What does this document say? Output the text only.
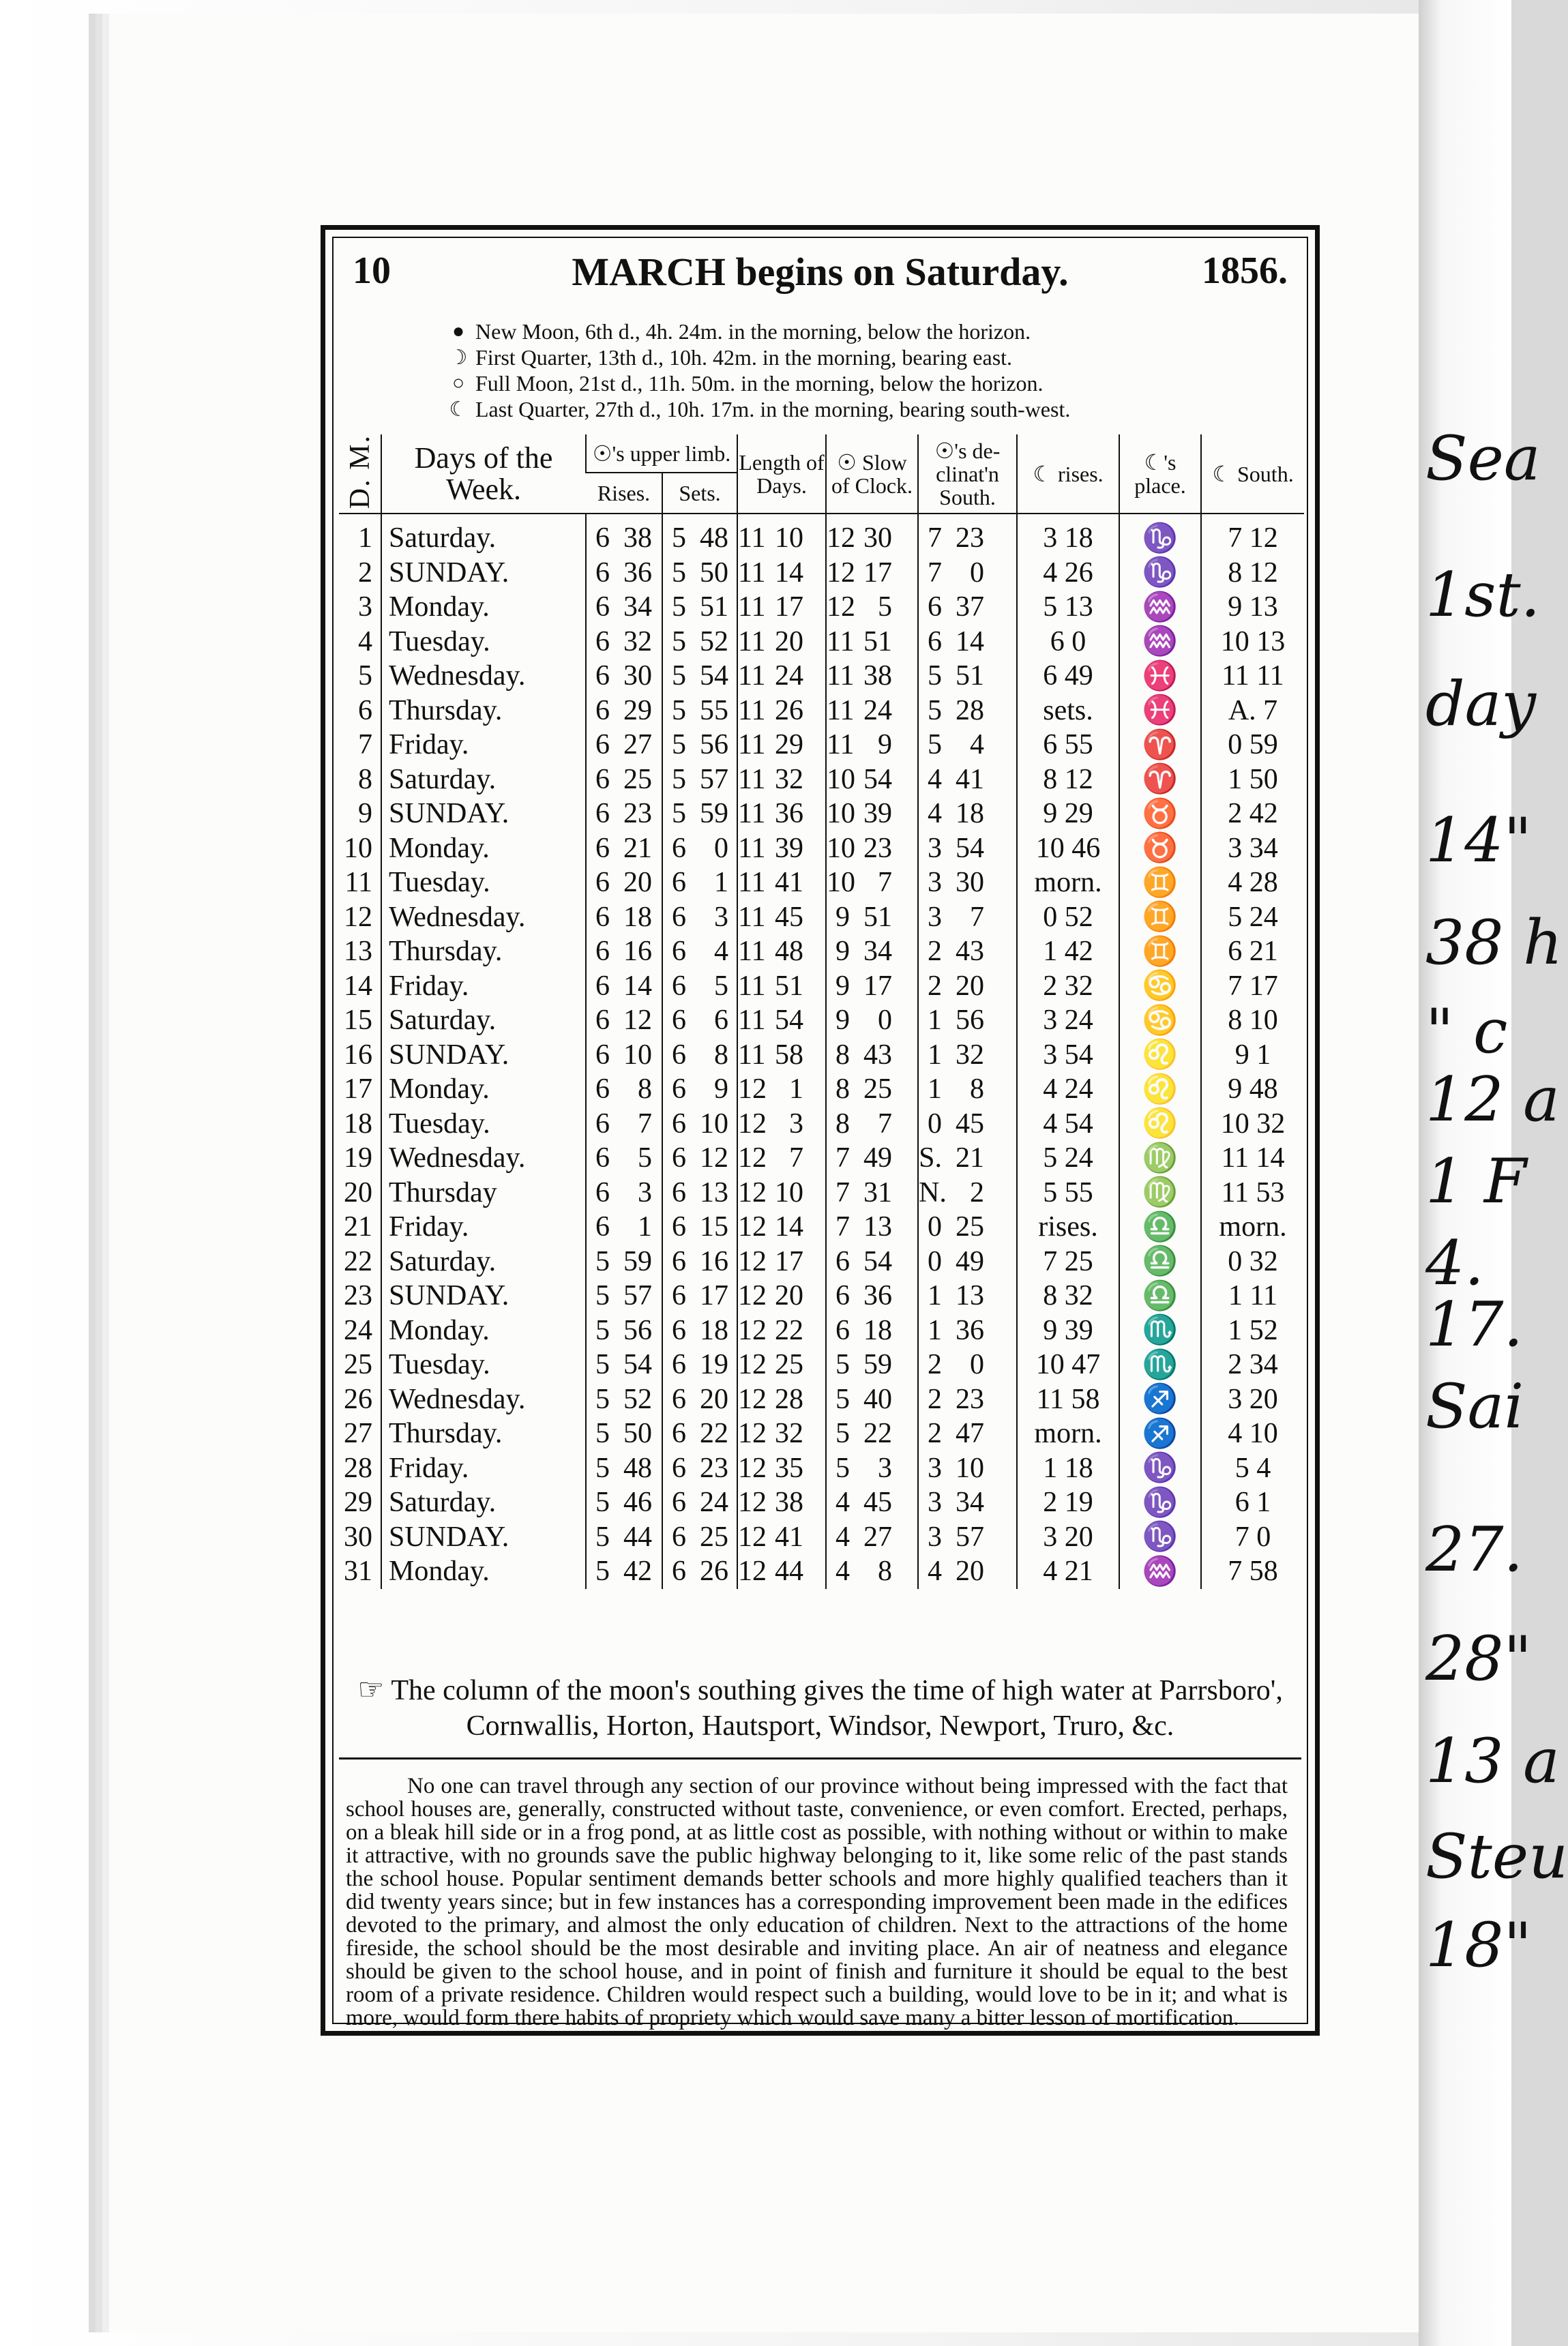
Sea
1st.
day
14"
38 h
" c
12 a
1 F
4.
17.
Sai
27.
28"
13 a
Steu
18"
10	MARCH begins on Saturday.	1856.
● New Moon, 6th d., 4h. 24m. in the morning, below the horizon.
☽ First Quarter, 13th d., 10h. 42m. in the morning, bearing east.
○ Full Moon, 21st d., 11h. 50m. in the morning, below the horizon.
☾ Last Quarter, 27th d., 10h. 17m. in the morning, bearing south-west.
D. M.	Days of the Week.	☉'s upper limb.		Length of Days.	☉ Slow of Clock.	☉'s de-clinat'n South.	☾ rises.	☾'s place.	☾ South.
		Rises.	Sets.						
1	Saturday.	6 38	5 48	11 10	12 30	7 23	3 18	♑	7 12
2	SUNDAY.	6 36	5 50	11 14	12 17	7 0	4 26	♑	8 12
3	Monday.	6 34	5 51	11 17	12 5	6 37	5 13	♒	9 13
4	Tuesday.	6 32	5 52	11 20	11 51	6 14	6 0	♒	10 13
5	Wednesday.	6 30	5 54	11 24	11 38	5 51	6 49	♓	11 11
6	Thursday.	6 29	5 55	11 26	11 24	5 28	sets.	♓	A. 7
7	Friday.	6 27	5 56	11 29	11 9	5 4	6 55	♈	0 59
8	Saturday.	6 25	5 57	11 32	10 54	4 41	8 12	♈	1 50
9	SUNDAY.	6 23	5 59	11 36	10 39	4 18	9 29	♉	2 42
10	Monday.	6 21	6 0	11 39	10 23	3 54	10 46	♉	3 34
11	Tuesday.	6 20	6 1	11 41	10 7	3 30	morn.	♊	4 28
12	Wednesday.	6 18	6 3	11 45	9 51	3 7	0 52	♊	5 24
13	Thursday.	6 16	6 4	11 48	9 34	2 43	1 42	♊	6 21
14	Friday.	6 14	6 5	11 51	9 17	2 20	2 32	♋	7 17
15	Saturday.	6 12	6 6	11 54	9 0	1 56	3 24	♋	8 10
16	SUNDAY.	6 10	6 8	11 58	8 43	1 32	3 54	♌	9 1
17	Monday.	6 8	6 9	12 1	8 25	1 8	4 24	♌	9 48
18	Tuesday.	6 7	6 10	12 3	8 7	0 45	4 54	♌	10 32
19	Wednesday.	6 5	6 12	12 7	7 49	S. 21	5 24	♍	11 14
20	Thursday	6 3	6 13	12 10	7 31	N. 2	5 55	♍	11 53
21	Friday.	6 1	6 15	12 14	7 13	0 25	rises.	♎	morn.
22	Saturday.	5 59	6 16	12 17	6 54	0 49	7 25	♎	0 32
23	SUNDAY.	5 57	6 17	12 20	6 36	1 13	8 32	♎	1 11
24	Monday.	5 56	6 18	12 22	6 18	1 36	9 39	♏	1 52
25	Tuesday.	5 54	6 19	12 25	5 59	2 0	10 47	♏	2 34
26	Wednesday.	5 52	6 20	12 28	5 40	2 23	11 58	♐	3 20
27	Thursday.	5 50	6 22	12 32	5 22	2 47	morn.	♐	4 10
28	Friday.	5 48	6 23	12 35	5 3	3 10	1 18	♑	5 4
29	Saturday.	5 46	6 24	12 38	4 45	3 34	2 19	♑	6 1
30	SUNDAY.	5 44	6 25	12 41	4 27	3 57	3 20	♑	7 0
31	Monday.	5 42	6 26	12 44	4 8	4 20	4 21	♒	7 58
☞ The column of the moon's southing gives the time of high water at Parrsboro', Cornwallis, Horton, Hautsport, Windsor, Newport, Truro, &c.

No one can travel through any section of our province without being impressed with the fact that school houses are, generally, constructed without taste, convenience, or even comfort. Erected, perhaps, on a bleak hill side or in a frog pond, at as little cost as possible, with nothing without or within to make it attractive, with no grounds save the public highway belonging to it, like some relic of the past stands the school house. Popular sentiment demands better schools and more highly qualified teachers than it did twenty years since; but in few instances has a corresponding improvement been made in the edifices devoted to the primary, and almost the only education of children. Next to the attractions of the home fireside, the school should be the most desirable and inviting place. An air of neatness and elegance should be given to the school house, and in point of finish and furniture it should be equal to the best room of a private residence. Children would respect such a building, would love to be in it; and what is more, would form there habits of propriety which would save many a bitter lesson of mortification.
